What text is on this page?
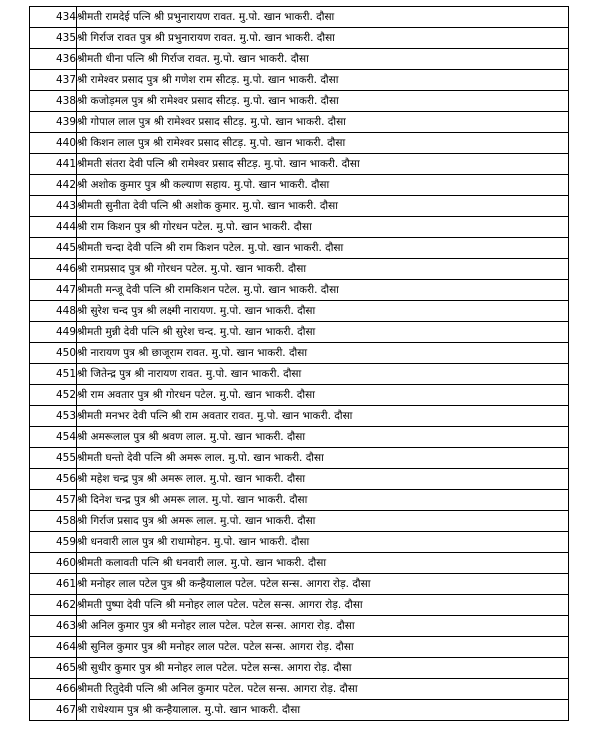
434	श्रीमती रामदेई पत्नि श्री प्रभुनारायण रावत. मु.पो. खान भाकरी. दौसा
435	श्री गिर्राज रावत पुत्र श्री प्रभुनारायण रावत. मु.पो. खान भाकरी. दौसा
436	श्रीमती धीना पत्नि श्री गिर्राज रावत. मु.पो. खान भाकरी. दौसा
437	श्री रामेश्वर प्रसाद पुत्र श्री गणेश राम सीटड़. मु.पो. खान भाकरी. दौसा
438	श्री कजोड़मल पुत्र श्री रामेश्वर प्रसाद सीटड़. मु.पो. खान भाकरी. दौसा
439	श्री गोपाल लाल पुत्र श्री रामेश्वर प्रसाद सीटड़. मु.पो. खान भाकरी. दौसा
440	श्री किशन लाल पुत्र श्री रामेश्वर प्रसाद सीटड़. मु.पो. खान भाकरी. दौसा
441	श्रीमती संतरा देवी पत्नि श्री रामेश्वर प्रसाद सीटड़. मु.पो. खान भाकरी. दौसा
442	श्री अशोक कुमार पुत्र श्री कल्याण सहाय. मु.पो. खान भाकरी. दौसा
443	श्रीमती सुनीता देवी पत्नि श्री अशोक कुमार. मु.पो. खान भाकरी. दौसा
444	श्री राम किशन पुत्र श्री गोरधन पटेल. मु.पो. खान भाकरी. दौसा
445	श्रीमती चन्दा देवी पत्नि श्री राम किशन पटेल. मु.पो. खान भाकरी. दौसा
446	श्री रामप्रसाद पुत्र श्री गोरधन पटेल. मु.पो. खान भाकरी. दौसा
447	श्रीमती मन्जू देवी पत्नि श्री रामकिशन पटेल. मु.पो. खान भाकरी. दौसा
448	श्री सुरेश चन्द पुत्र श्री लक्ष्मी नारायण. मु.पो. खान भाकरी. दौसा
449	श्रीमती मुन्नी देवी पत्नि श्री सुरेश चन्द. मु.पो. खान भाकरी. दौसा
450	श्री नारायण पुत्र श्री छाजूराम रावत. मु.पो. खान भाकरी. दौसा
451	श्री जितेन्द्र पुत्र श्री नारायण रावत. मु.पो. खान भाकरी. दौसा
452	श्री राम अवतार पुत्र श्री गोरधन पटेल. मु.पो. खान भाकरी. दौसा
453	श्रीमती मनभर देवी पत्नि श्री राम अवतार रावत. मु.पो. खान भाकरी. दौसा
454	श्री अमरूलाल पुत्र श्री श्रवण लाल. मु.पो. खान भाकरी. दौसा
455	श्रीमती घन्तो देवी पत्नि श्री अमरू लाल. मु.पो. खान भाकरी. दौसा
456	श्री महेश चन्द्र पुत्र श्री अमरू लाल. मु.पो. खान भाकरी. दौसा
457	श्री दिनेश चन्द्र पुत्र श्री अमरू लाल. मु.पो. खान भाकरी. दौसा
458	श्री गिर्राज प्रसाद पुत्र श्री अमरू लाल. मु.पो. खान भाकरी. दौसा
459	श्री धनवारी लाल पुत्र श्री राधामोहन. मु.पो. खान भाकरी. दौसा
460	श्रीमती कलावती पत्नि श्री धनवारी लाल. मु.पो. खान भाकरी. दौसा
461	श्री मनोहर लाल पटेल पुत्र श्री कन्हैयालाल पटेल. पटेल सन्स. आगरा रोड़. दौसा
462	श्रीमती पुष्पा देवी पत्नि श्री मनोहर लाल पटेल. पटेल सन्स. आगरा रोड़. दौसा
463	श्री अनिल कुमार पुत्र श्री मनोहर लाल पटेल. पटेल सन्स. आगरा रोड़. दौसा
464	श्री सुनिल कुमार पुत्र श्री मनोहर लाल पटेल. पटेल सन्स. आगरा रोड़. दौसा
465	श्री सुधीर कुमार पुत्र श्री मनोहर लाल पटेल. पटेल सन्स. आगरा रोड़. दौसा
466	श्रीमती रितुदेवी पत्नि श्री अनिल कुमार पटेल. पटेल सन्स. आगरा रोड़. दौसा
467	श्री राधेश्याम पुत्र श्री कन्हैयालाल. मु.पो. खान भाकरी. दौसा
